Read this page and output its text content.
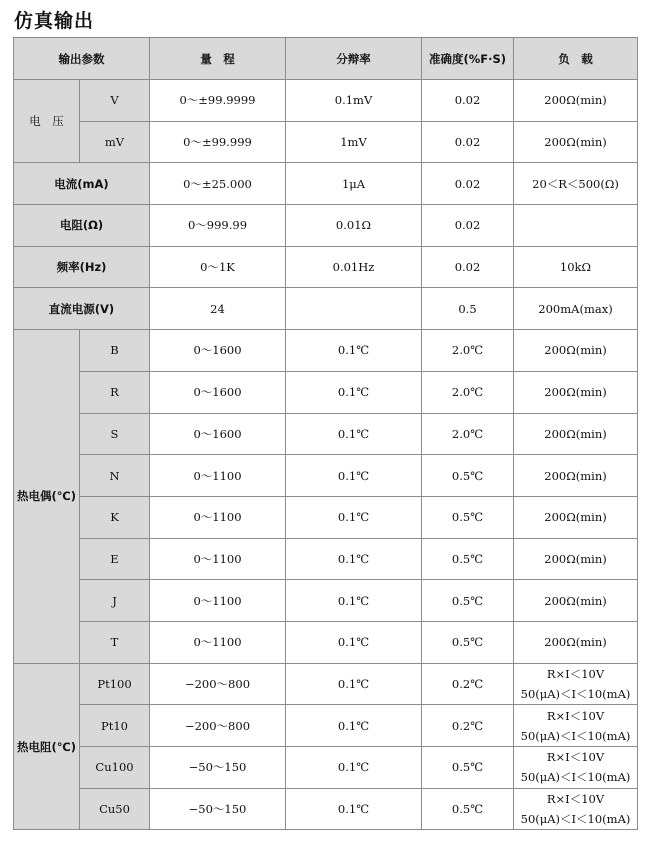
仿真输出
输出参数		量　程	分辩率	准确度(%F·S)	负　载
电　压	V	0～±99.9999	0.1mV	0.02	200Ω(min)
	mV	0～±99.999	1mV	0.02	200Ω(min)
电流(mA)		0～±25.000	1μA	0.02	20＜R＜500(Ω)
电阻(Ω)		0～999.99	0.01Ω	0.02	
频率(Hz)		0～1K	0.01Hz	0.02	10kΩ
直流电源(V)		24		0.5	200mA(max)
热电偶(℃)	B	0～1600	0.1℃	2.0℃	200Ω(min)
	R	0～1600	0.1℃	2.0℃	200Ω(min)
	S	0～1600	0.1℃	2.0℃	200Ω(min)
	N	0～1100	0.1℃	0.5℃	200Ω(min)
	K	0～1100	0.1℃	0.5℃	200Ω(min)
	E	0～1100	0.1℃	0.5℃	200Ω(min)
	J	0～1100	0.1℃	0.5℃	200Ω(min)
	T	0～1100	0.1℃	0.5℃	200Ω(min)
热电阻(℃)	Pt100	−200～800	0.1℃	0.2℃	R×I＜10V
50(μA)＜I＜10(mA)

	Pt10	−200～800	0.1℃	0.2℃	R×I＜10V
50(μA)＜I＜10(mA)

	Cu100	−50～150	0.1℃	0.5℃	R×I＜10V
50(μA)＜I＜10(mA)

	Cu50	−50～150	0.1℃	0.5℃	R×I＜10V
50(μA)＜I＜10(mA)
